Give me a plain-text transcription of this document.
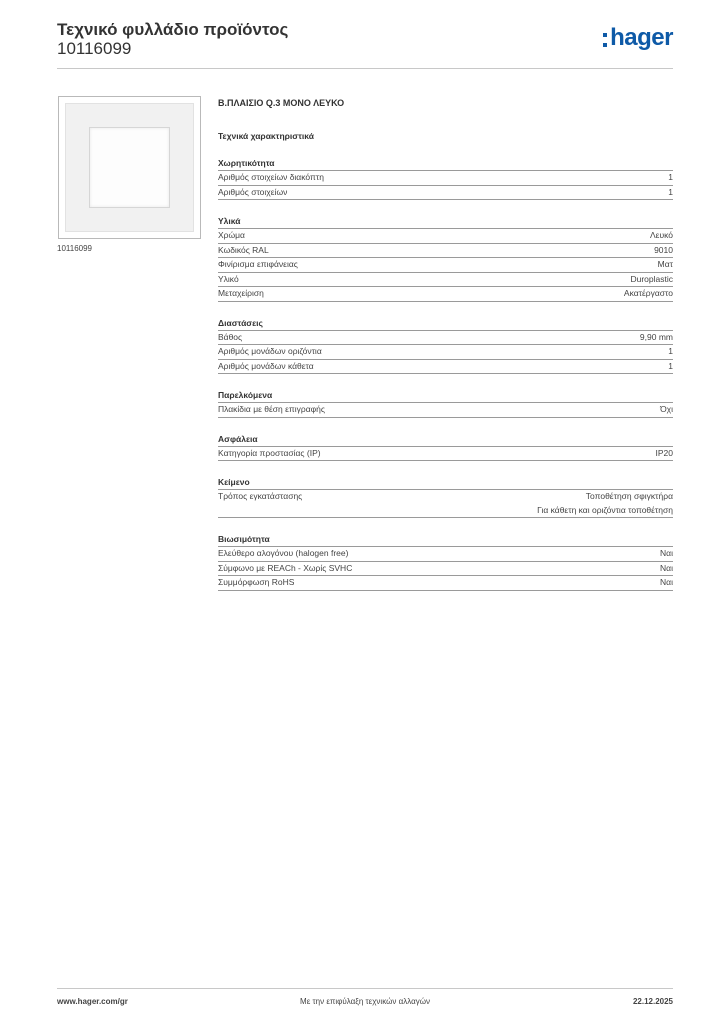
Τεχνικό φυλλάδιο προϊόντος
10116099	hager
10116099
Β.ΠΛΑΙΣΙΟ Q.3 ΜΟΝΟ ΛΕΥΚΟ
Τεχνικά χαρακτηριστικά
Χωρητικότητα
Αριθμός στοιχείων διακόπτη	1
Αριθμός στοιχείων	1
Υλικά
Χρώμα	Λευκό
Κωδικός RAL	9010
Φινίρισμα επιφάνειας	Ματ
Υλικό	Duroplastic
Μεταχείριση	Ακατέργαστο
Διαστάσεις
Βάθος	9,90 mm
Αριθμός μονάδων οριζόντια	1
Αριθμός μονάδων κάθετα	1
Παρελκόμενα
Πλακίδια με θέση επιγραφής	Όχι
Ασφάλεια
Κατηγορία προστασίας (IP)	IP20
Κείμενο
Τρόπος εγκατάστασης	Τοποθέτηση σφιγκτήρα
Για κάθετη και οριζόντια τοποθέτηση
Βιωσιμότητα
Ελεύθερο αλογόνου (halogen free)	Ναι
Σύμφωνο με REACh - Χωρίς SVHC	Ναι
Συμμόρφωση RoHS	Ναι
Με την επιφύλαξη τεχνικών αλλαγών
www.hager.com/gr	22.12.2025
